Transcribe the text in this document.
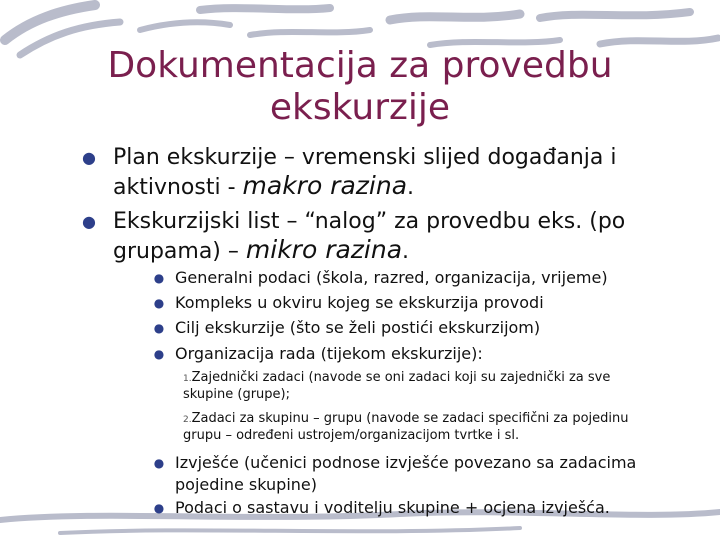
Dokumentacija za provedbu
ekskurzije
● Plan ekskurzije – vremenski slijed događanja i
aktivnosti - makro razina.
● Ekskurzijski list – “nalog” za provedbu eks. (po
grupama) – mikro razina.
● Generalni podaci (škola, razred, organizacija, vrijeme)
● Kompleks u okviru kojeg se ekskurzija provodi
● Cilj ekskurzije (što se želi postići ekskurzijom)
● Organizacija rada (tijekom ekskurzije):
1.Zajednički zadaci (navode se oni zadaci koji su zajednički za sve
skupine (grupe);
2.Zadaci za skupinu – grupu (navode se zadaci specifični za pojedinu
grupu – određeni ustrojem/organizacijom tvrtke i sl.
● Izvješće (učenici podnose izvješće povezano sa zadacima
pojedine skupine)
● Podaci o sastavu i voditelju skupine + ocjena izvješća.
